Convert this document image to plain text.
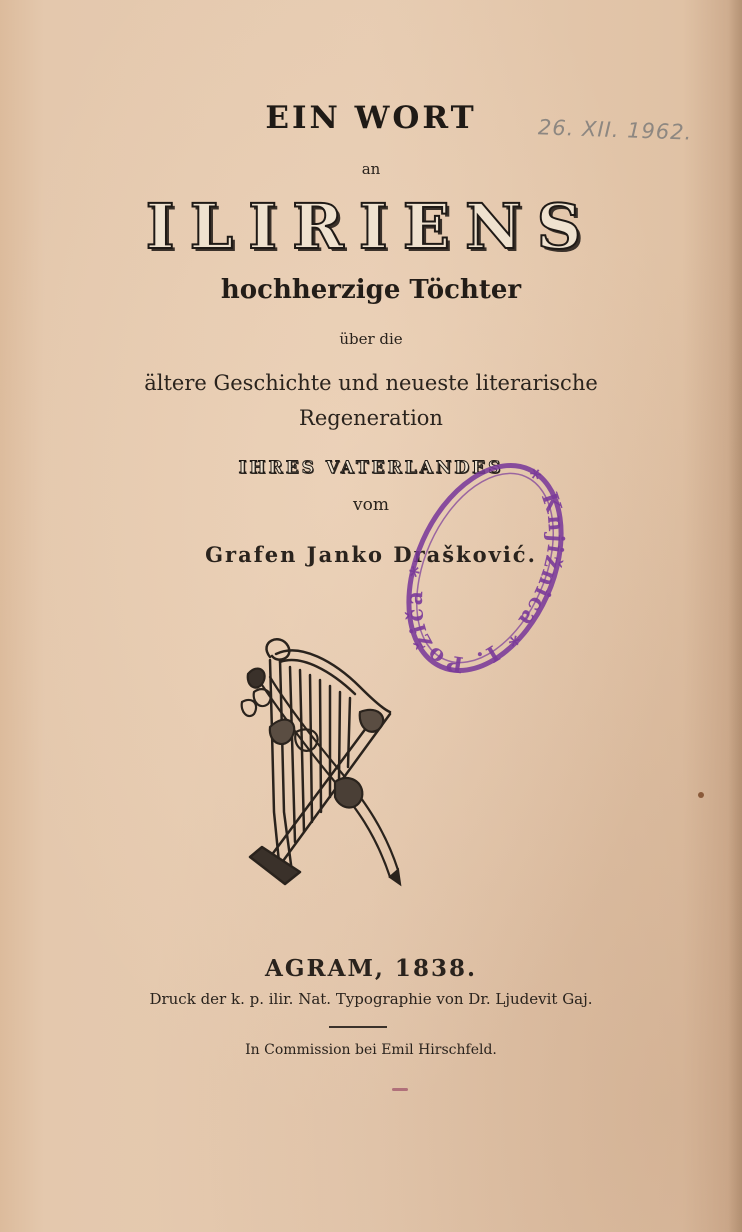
EIN WORT
an
ILIRIENS
hochherzige Töchter
über die
ältere Geschichte und neueste literarische
Regeneration
IHRES VATERLANDES
vom
Grafen Janko Drašković.
26. XII. 1962.
* Knjižnica * I. Požiča *
AGRAM, 1838.
Druck der k. p. ilir. Nat. Typographie von Dr. Ljudevit Gaj.
In Commission bei Emil Hirschfeld.
